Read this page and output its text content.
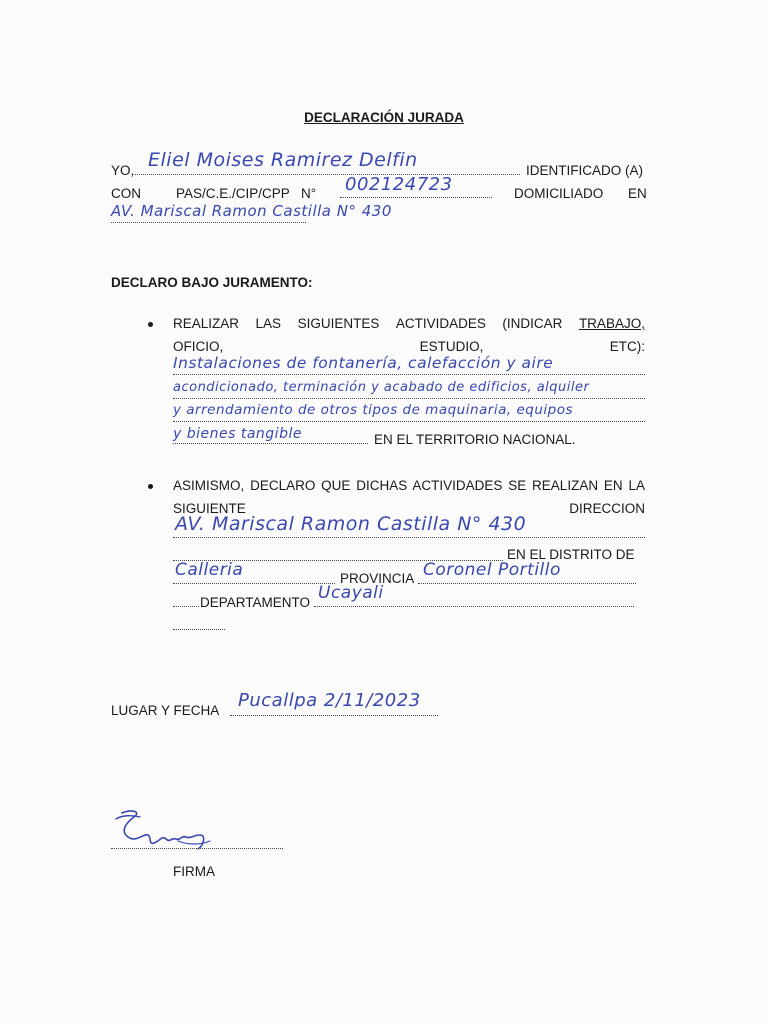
DECLARACIÓN JURADA
YO, Eliel Moises Ramirez Delfin	IDENTIFICADO (A)
CON	PAS/C.E./CIP/CPP N° 002124723	DOMICILIADO EN
AV. Mariscal Ramon Castilla N° 430
DECLARO BAJO JURAMENTO:
REALIZAR LAS SIGUIENTES ACTIVIDADES (INDICAR TRABAJO,
OFICIO,	ESTUDIO,	ETC):
Instalaciones de fontanería, calefacción y aire
acondicionado, terminación y acabado de edificios, alquiler
y arrendamiento de otros tipos de maquinaria, equipos
y bienes tangible	EN EL TERRITORIO NACIONAL.
ASIMISMO, DECLARO QUE DICHAS ACTIVIDADES SE REALIZAN EN LA
SIGUIENTE	DIRECCION
AV. Mariscal Ramon Castilla N° 430
EN EL DISTRITO DE
Calleria	PROVINCIA Coronel Portillo
DEPARTAMENTO Ucayali
LUGAR Y FECHA Pucallpa 2/11/2023
FIRMA
